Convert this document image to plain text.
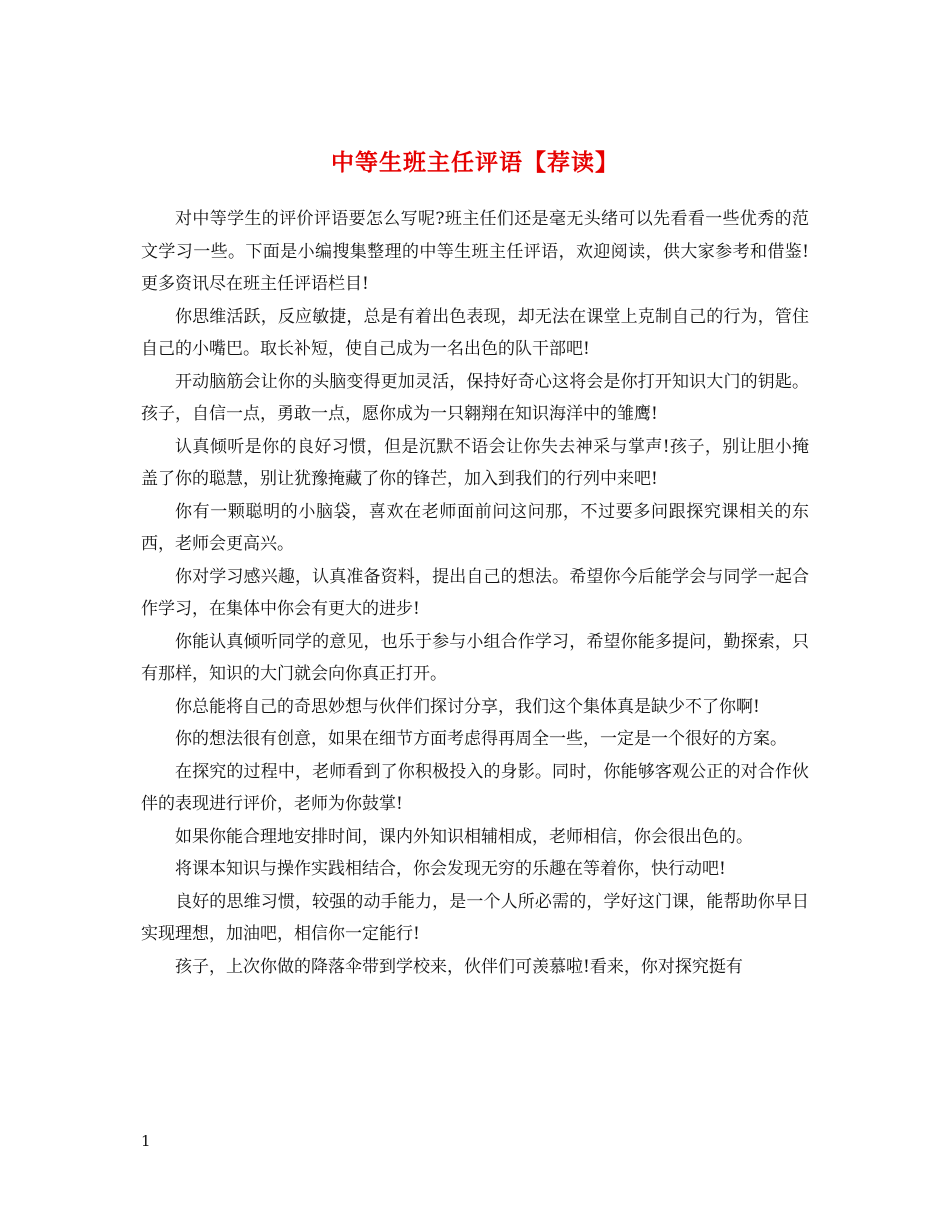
中等生班主任评语【荐读】

对中等学生的评价评语要怎么写呢?班主任们还是毫无头绪可以先看看一些优秀的范文学习一些。下面是小编搜集整理的中等生班主任评语，欢迎阅读，供大家参考和借鉴!更多资讯尽在班主任评语栏目!

你思维活跃，反应敏捷，总是有着出色表现，却无法在课堂上克制自己的行为，管住自己的小嘴巴。取长补短，使自己成为一名出色的队干部吧!

开动脑筋会让你的头脑变得更加灵活，保持好奇心这将会是你打开知识大门的钥匙。孩子，自信一点，勇敢一点，愿你成为一只翱翔在知识海洋中的雏鹰!

认真倾听是你的良好习惯，但是沉默不语会让你失去神采与掌声!孩子，别让胆小掩盖了你的聪慧，别让犹豫掩藏了你的锋芒，加入到我们的行列中来吧!

你有一颗聪明的小脑袋，喜欢在老师面前问这问那，不过要多问跟探究课相关的东西，老师会更高兴。

你对学习感兴趣，认真准备资料，提出自己的想法。希望你今后能学会与同学一起合作学习，在集体中你会有更大的进步!

你能认真倾听同学的意见，也乐于参与小组合作学习，希望你能多提问，勤探索，只有那样，知识的大门就会向你真正打开。

你总能将自己的奇思妙想与伙伴们探讨分享，我们这个集体真是缺少不了你啊!

你的想法很有创意，如果在细节方面考虑得再周全一些，一定是一个很好的方案。

在探究的过程中，老师看到了你积极投入的身影。同时，你能够客观公正的对合作伙伴的表现进行评价，老师为你鼓掌!

如果你能合理地安排时间，课内外知识相辅相成，老师相信，你会很出色的。

将课本知识与操作实践相结合，你会发现无穷的乐趣在等着你，快行动吧!

良好的思维习惯，较强的动手能力，是一个人所必需的，学好这门课，能帮助你早日实现理想，加油吧，相信你一定能行!

孩子，上次你做的降落伞带到学校来，伙伴们可羡慕啦!看来，你对探究挺有

1
